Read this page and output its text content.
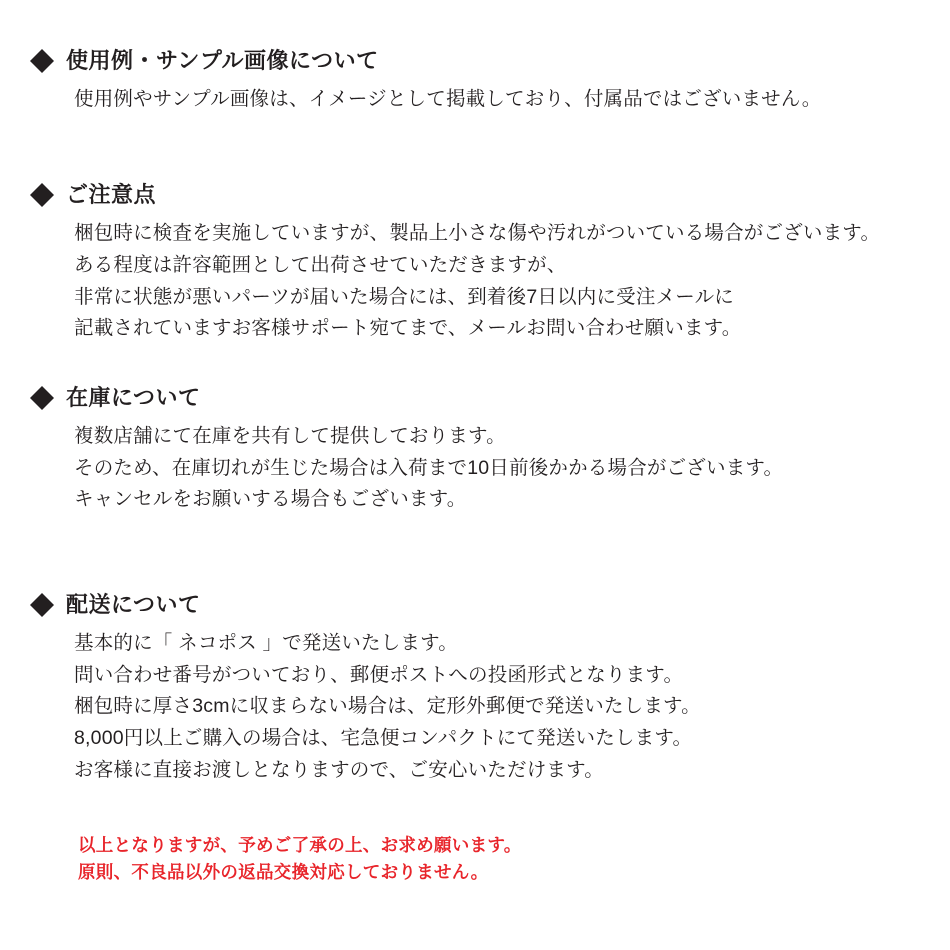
使用例・サンプル画像について
使用例やサンプル画像は、イメージとして掲載しており、付属品ではございません。
ご注意点
梱包時に検査を実施していますが、製品上小さな傷や汚れがついている場合がございます。
ある程度は許容範囲として出荷させていただきますが、
非常に状態が悪いパーツが届いた場合には、到着後7日以内に受注メールに
記載されていますお客様サポート宛てまで、メールお問い合わせ願います。
在庫について
複数店舗にて在庫を共有して提供しております。
そのため、在庫切れが生じた場合は入荷まで10日前後かかる場合がございます。
キャンセルをお願いする場合もございます。
配送について
基本的に「 ネコポス 」で発送いたします。
問い合わせ番号がついており、郵便ポストへの投函形式となります。
梱包時に厚さ3cmに収まらない場合は、定形外郵便で発送いたします。
8,000円以上ご購入の場合は、宅急便コンパクトにて発送いたします。
お客様に直接お渡しとなりますので、ご安心いただけます。
以上となりますが、予めご了承の上、お求め願います。
原則、不良品以外の返品交換対応しておりません。
